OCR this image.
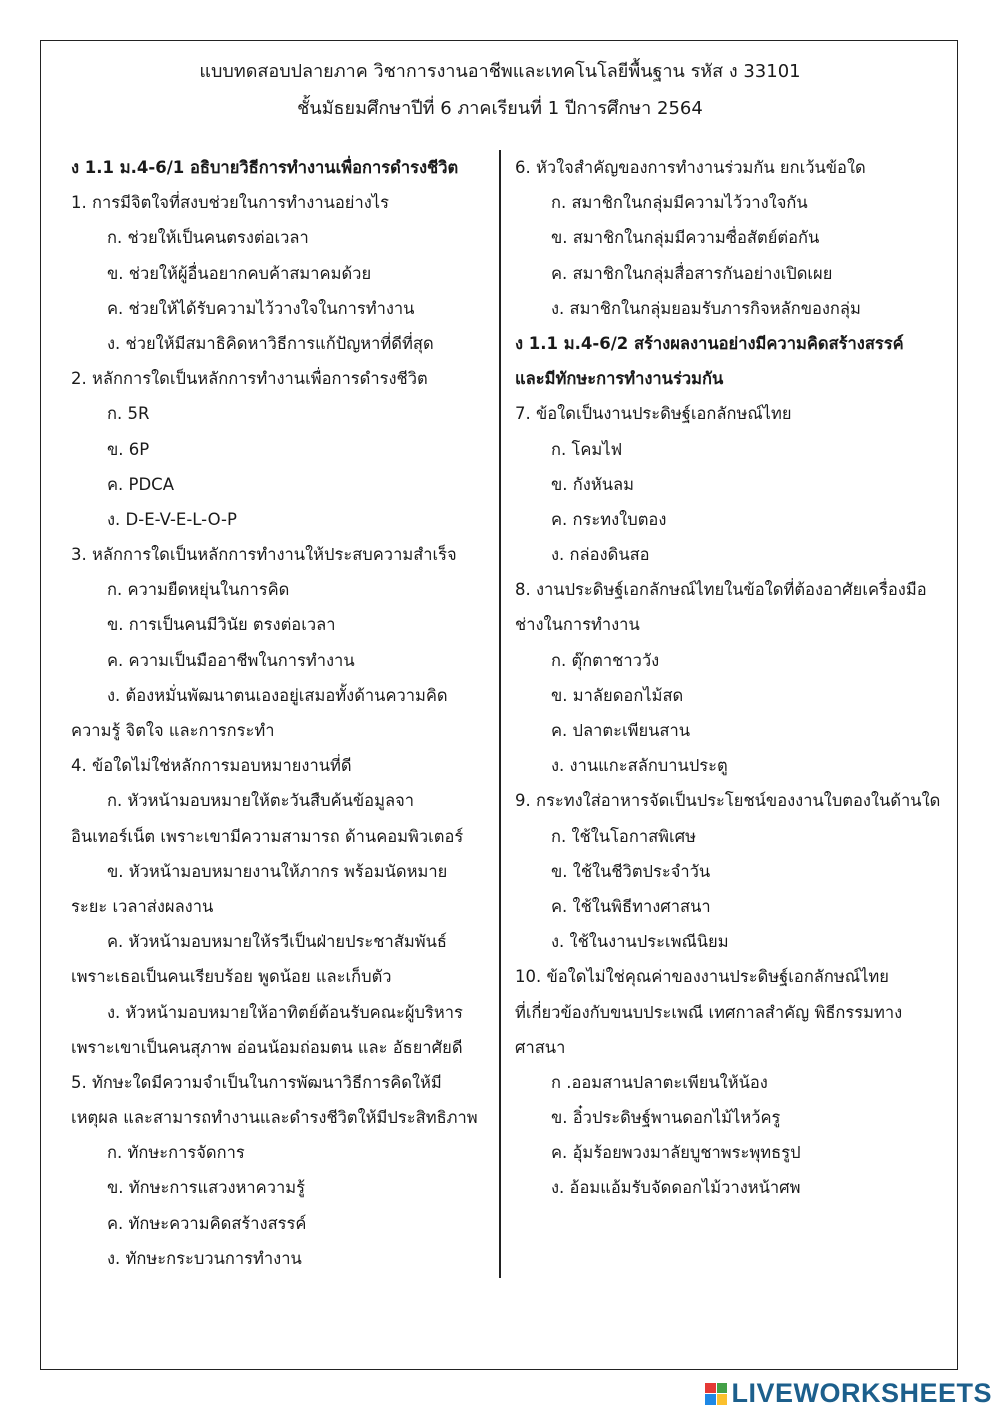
แบบทดสอบปลายภาค วิชาการงานอาชีพและเทคโนโลยีพื้นฐาน รหัส ง 33101
ชั้นมัธยมศึกษาปีที่ 6 ภาคเรียนที่ 1 ปีการศึกษา 2564
ง 1.1 ม.4-6/1 อธิบายวิธีการทำงานเพื่อการดำรงชีวิต
1. การมีจิตใจที่สงบช่วยในการทำงานอย่างไร
ก. ช่วยให้เป็นคนตรงต่อเวลา
ข. ช่วยให้ผู้อื่นอยากคบค้าสมาคมด้วย
ค. ช่วยให้ได้รับความไว้วางใจในการทำงาน
ง. ช่วยให้มีสมาธิคิดหาวิธีการแก้ปัญหาที่ดีที่สุด
2. หลักการใดเป็นหลักการทำงานเพื่อการดำรงชีวิต
ก. 5R
ข. 6P
ค. PDCA
ง. D-E-V-E-L-O-P
3. หลักการใดเป็นหลักการทำงานให้ประสบความสำเร็จ
ก. ความยืดหยุ่นในการคิด
ข. การเป็นคนมีวินัย ตรงต่อเวลา
ค. ความเป็นมืออาชีพในการทำงาน
ง. ต้องหมั่นพัฒนาตนเองอยู่เสมอทั้งด้านความคิด
ความรู้ จิตใจ และการกระทำ
4. ข้อใดไม่ใช่หลักการมอบหมายงานที่ดี
ก. หัวหน้ามอบหมายให้ตะวันสืบค้นข้อมูลจา
อินเทอร์เน็ต เพราะเขามีความสามารถ ด้านคอมพิวเตอร์
ข. หัวหน้ามอบหมายงานให้ภากร พร้อมนัดหมาย
ระยะ เวลาส่งผลงาน
ค. หัวหน้ามอบหมายให้รวีเป็นฝ่ายประชาสัมพันธ์
เพราะเธอเป็นคนเรียบร้อย พูดน้อย และเก็บตัว
ง. หัวหน้ามอบหมายให้อาทิตย์ต้อนรับคณะผู้บริหาร
เพราะเขาเป็นคนสุภาพ อ่อนน้อมถ่อมตน และ อัธยาศัยดี
5. ทักษะใดมีความจำเป็นในการพัฒนาวิธีการคิดให้มี
เหตุผล และสามารถทำงานและดำรงชีวิตให้มีประสิทธิภาพ
ก. ทักษะการจัดการ
ข. ทักษะการแสวงหาความรู้
ค. ทักษะความคิดสร้างสรรค์
ง. ทักษะกระบวนการทำงาน
6. หัวใจสำคัญของการทำงานร่วมกัน ยกเว้นข้อใด
ก. สมาชิกในกลุ่มมีความไว้วางใจกัน
ข. สมาชิกในกลุ่มมีความซื่อสัตย์ต่อกัน
ค. สมาชิกในกลุ่มสื่อสารกันอย่างเปิดเผย
ง. สมาชิกในกลุ่มยอมรับภารกิจหลักของกลุ่ม
ง 1.1 ม.4-6/2 สร้างผลงานอย่างมีความคิดสร้างสรรค์
และมีทักษะการทำงานร่วมกัน
7. ข้อใดเป็นงานประดิษฐ์เอกลักษณ์ไทย
ก. โคมไฟ
ข. กังหันลม
ค. กระทงใบตอง
ง. กล่องดินสอ
8. งานประดิษฐ์เอกลักษณ์ไทยในข้อใดที่ต้องอาศัยเครื่องมือ
ช่างในการทำงาน
ก. ตุ๊กตาชาววัง
ข. มาลัยดอกไม้สด
ค. ปลาตะเพียนสาน
ง. งานแกะสลักบานประตู
9. กระทงใส่อาหารจัดเป็นประโยชน์ของงานใบตองในด้านใด
ก. ใช้ในโอกาสพิเศษ
ข. ใช้ในชีวิตประจำวัน
ค. ใช้ในพิธีทางศาสนา
ง. ใช้ในงานประเพณีนิยม
10. ข้อใดไม่ใช่คุณค่าของงานประดิษฐ์เอกลักษณ์ไทย
ที่เกี่ยวข้องกับขนบประเพณี เทศกาลสำคัญ พิธีกรรมทาง
ศาสนา
ก .ออมสานปลาตะเพียนให้น้อง
ข. อิ๋วประดิษฐ์พานดอกไม้ไหว้ครู
ค. อุ้มร้อยพวงมาลัยบูชาพระพุทธรูป
ง. อ้อมแอ้มรับจัดดอกไม้วางหน้าศพ
LIVEWORKSHEETS
